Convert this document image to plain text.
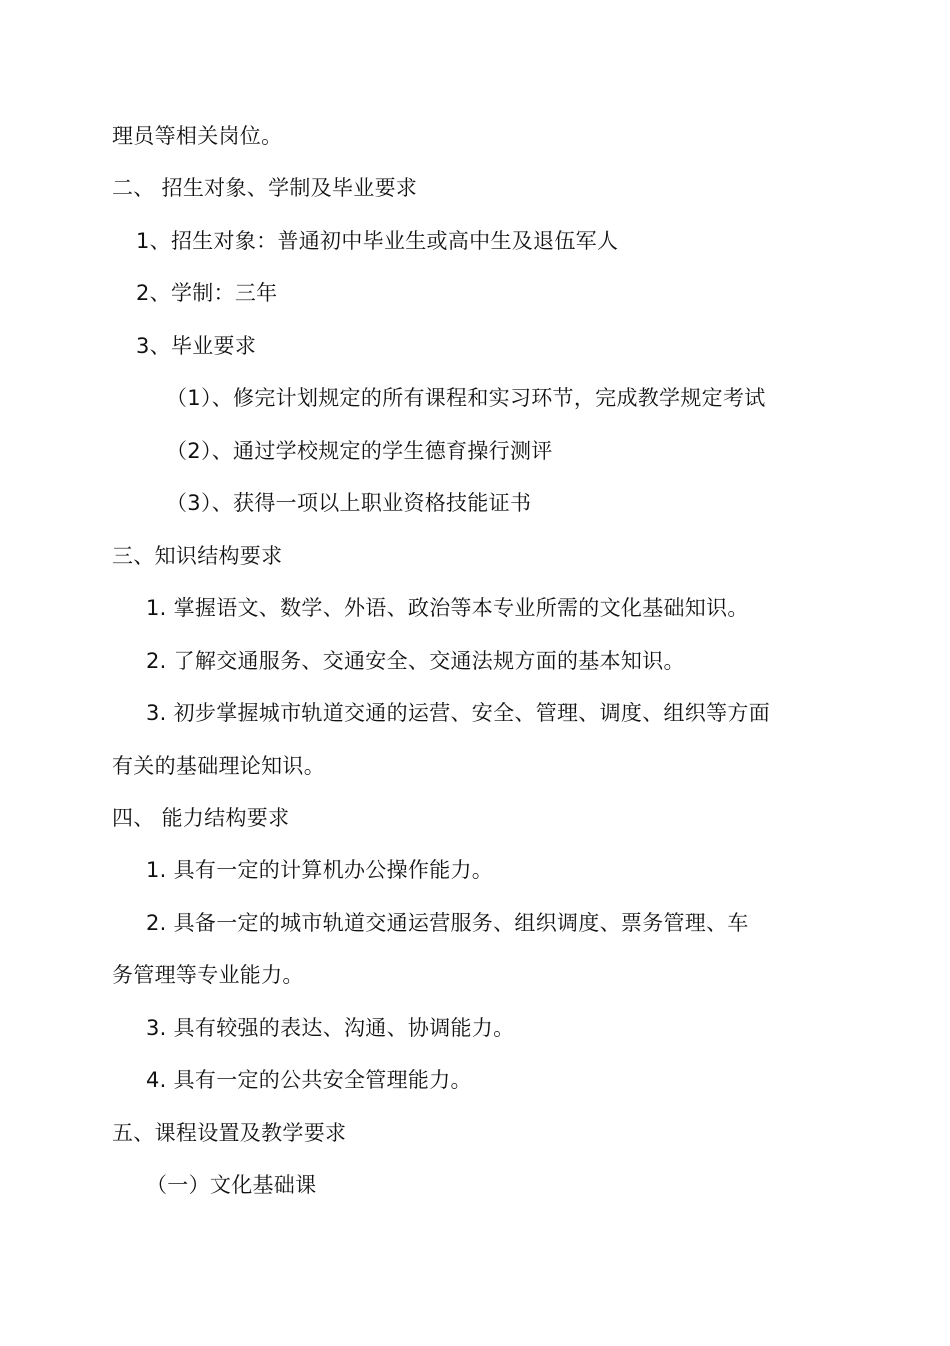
理员等相关岗位。
二、 招生对象、学制及毕业要求
1、招生对象：普通初中毕业生或高中生及退伍军人
2、学制：三年
3、毕业要求
（1）、修完计划规定的所有课程和实习环节，完成教学规定考试
（2）、通过学校规定的学生德育操行测评
（3）、获得一项以上职业资格技能证书
三、知识结构要求
1. 掌握语文、数学、外语、政治等本专业所需的文化基础知识。
2. 了解交通服务、交通安全、交通法规方面的基本知识。
3. 初步掌握城市轨道交通的运营、安全、管理、调度、组织等方面
有关的基础理论知识。
四、 能力结构要求
1. 具有一定的计算机办公操作能力。
2. 具备一定的城市轨道交通运营服务、组织调度、票务管理、车
务管理等专业能力。
3. 具有较强的表达、沟通、协调能力。
4. 具有一定的公共安全管理能力。
五、课程设置及教学要求
（一）文化基础课
